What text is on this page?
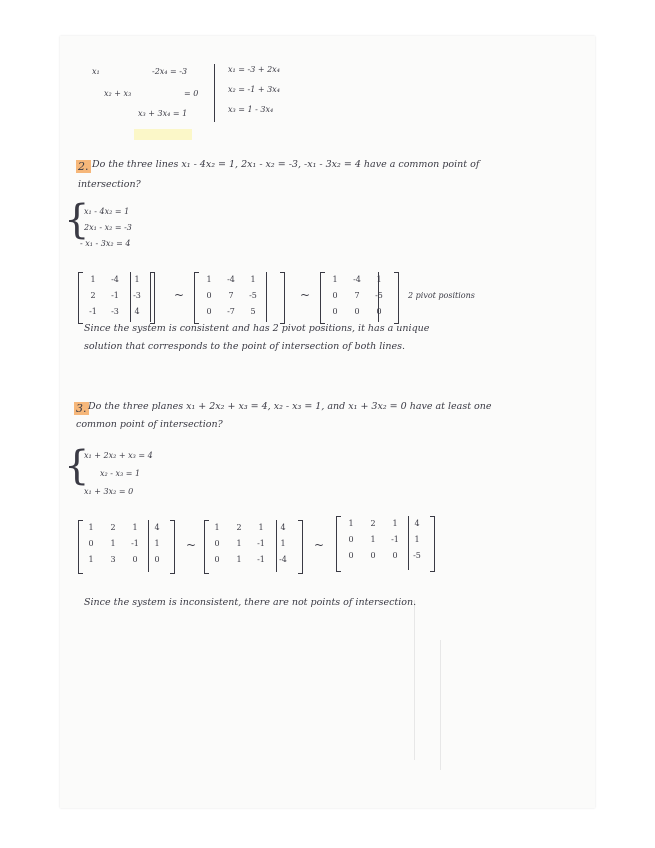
x₁	-2x₄ = -3
x₂ + x₃	= 0
x₃ + 3x₄ = 1
x₁ = -3 + 2x₄
x₂ = -1 + 3x₄
x₃ = 1 - 3x₄
2. Do the three lines x₁ - 4x₂ = 1, 2x₁ - x₂ = -3, -x₁ - 3x₂ = 4 have a common point of
intersection?
{
x₁ - 4x₂ = 1
2x₁ - x₂ = -3
- x₁ - 3x₂ = 4
1	-4	1
2	-1	-3
-1	-3	4
~
1	-4	1
0	7	-5
0	-7	5
~
1	-4	1
0	7	-5
0	0	0
2 pivot positions
Since the system is consistent and has 2 pivot positions, it has a unique
solution that corresponds to the point of intersection of both lines.
3. Do the three planes x₁ + 2x₂ + x₃ = 4, x₂ - x₃ = 1, and x₁ + 3x₂ = 0 have at least one
common point of intersection?
{
x₁ + 2x₂ + x₃ = 4
x₂ - x₃ = 1
x₁ + 3x₂ = 0
1	2	1	4
0	1	-1	1
1	3	0	0
~
1	2	1	4
0	1	-1	1
0	1	-1	-4
~
1	2	1	4
0	1	-1	1
0	0	0	-5
Since the system is inconsistent, there are not points of intersection.
